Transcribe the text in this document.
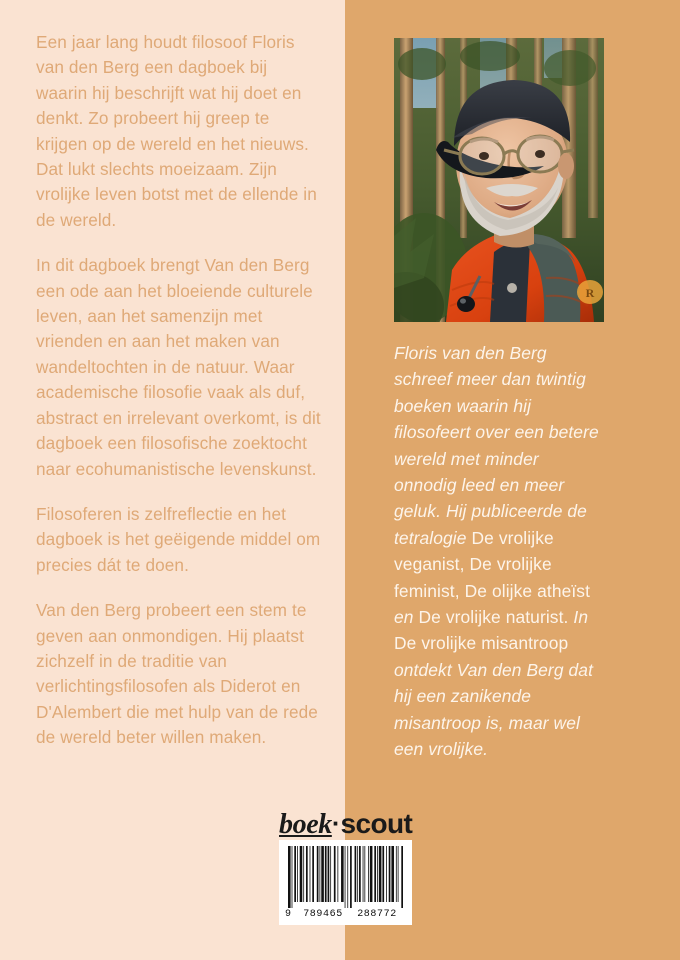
Een jaar lang houdt filosoof Floris van den Berg een dagboek bij waarin hij beschrijft wat hij doet en denkt. Zo probeert hij greep te krijgen op de wereld en het nieuws. Dat lukt slechts moeizaam. Zijn vrolijke leven botst met de ellende in de wereld.

In dit dagboek brengt Van den Berg een ode aan het bloeiende culturele leven, aan het samenzijn met vrienden en aan het maken van wandeltochten in de natuur. Waar academische filosofie vaak als duf, abstract en irrelevant overkomt, is dit dagboek een filosofische zoektocht naar ecohumanistische levenskunst.

Filosoferen is zelfreflectie en het dagboek is het geëigende middel om precies dát te doen.

Van den Berg probeert een stem te geven aan onmondigen. Hij plaatst zichzelf in de traditie van verlichtingsfilosofen als Diderot en D'Alembert die met hulp van de rede de wereld beter willen maken.

R
Floris van den Berg schreef meer dan twintig boeken waarin hij filosofeert over een betere wereld met minder onnodig leed en meer geluk. Hij publiceerde de tetralogie De vrolijke veganist, De vrolijke feminist, De olijke atheïst en De vrolijke naturist. In De vrolijke misantroop ontdekt Van den Berg dat hij een zanikende misantroop is, maar wel een vrolijke.
boek·scout
9	789465	288772
